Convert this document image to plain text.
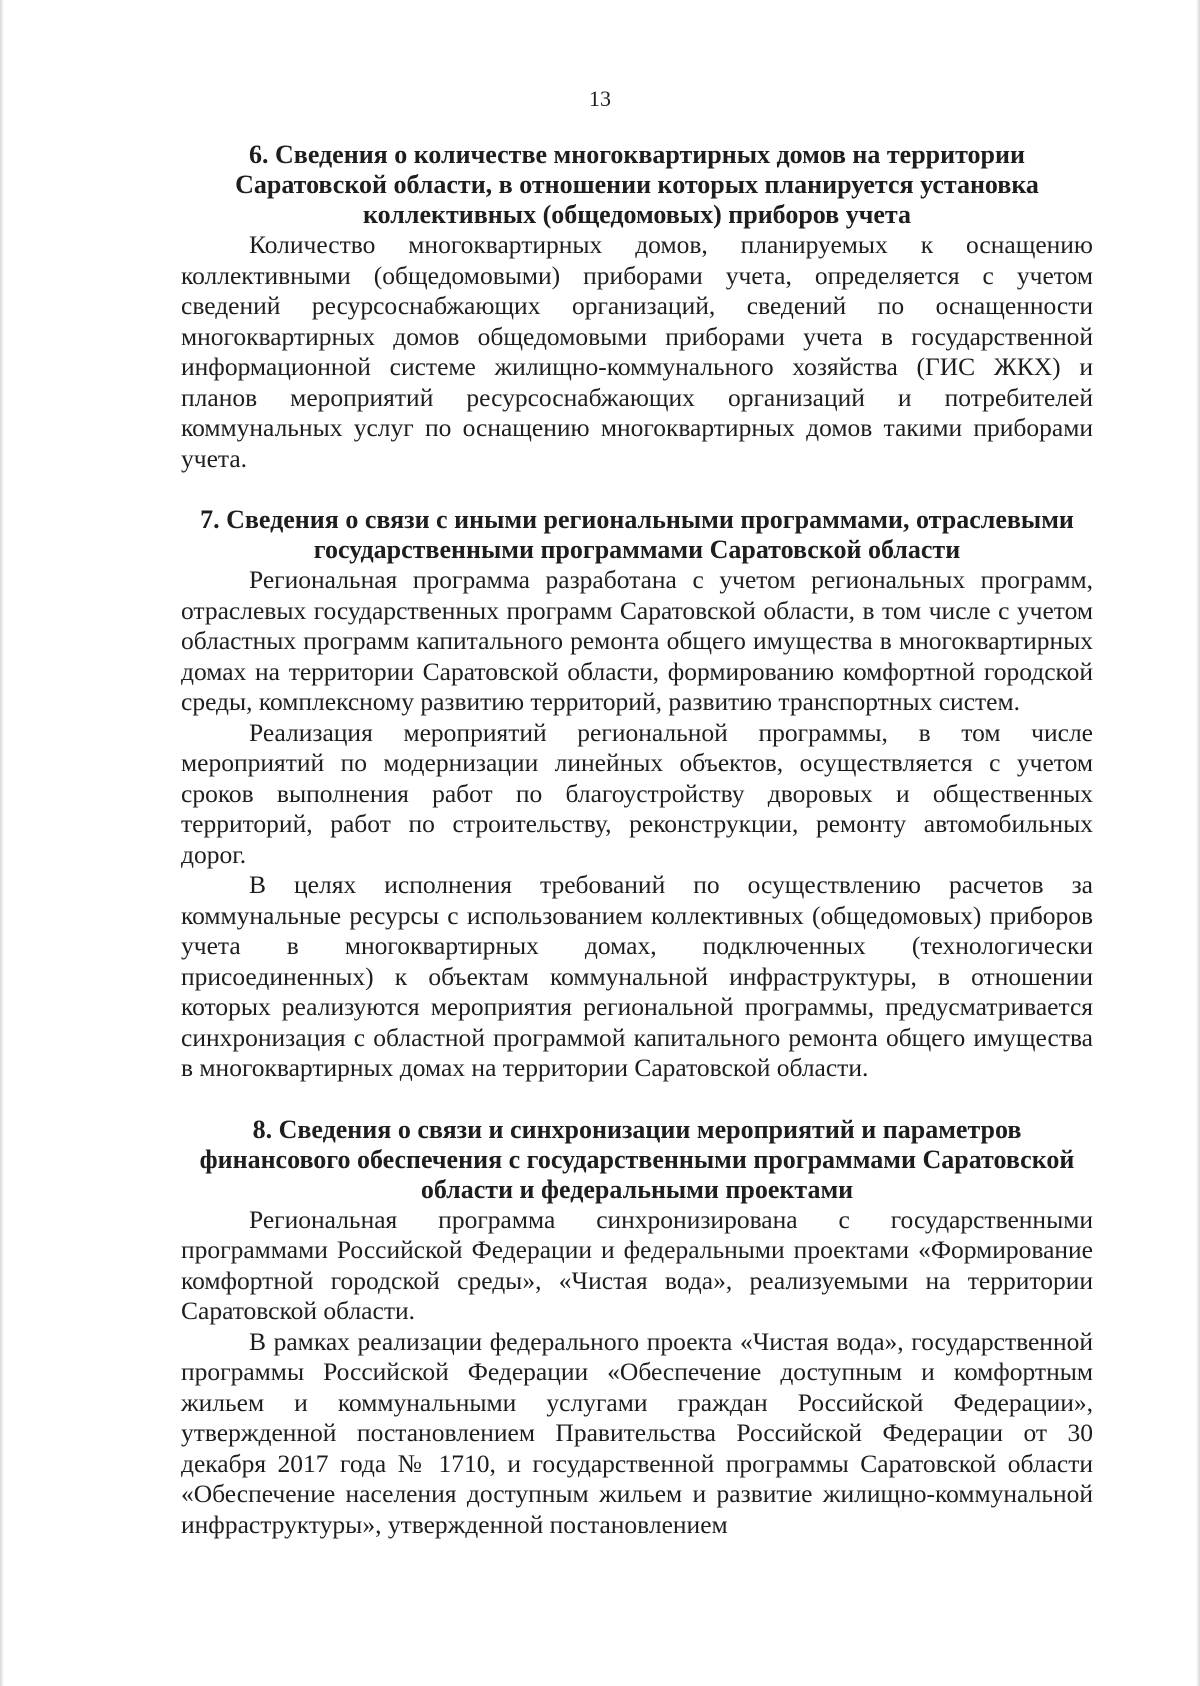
13
6. Сведения о количестве многоквартирных домов на территории Саратовской области, в отношении которых планируется установка коллективных (общедомовых) приборов учета

Количество многоквартирных домов, планируемых к оснащению коллективными (общедомовыми) приборами учета, определяется с учетом сведений ресурсоснабжающих организаций, сведений по оснащенности многоквартирных домов общедомовыми приборами учета в государственной информационной системе жилищно-коммунального хозяйства (ГИС ЖКХ) и планов мероприятий ресурсоснабжающих организаций и потребителей коммунальных услуг по оснащению многоквартирных домов такими приборами учета.

7. Сведения о связи с иными региональными программами, отраслевыми государственными программами Саратовской области

Региональная программа разработана с учетом региональных программ, отраслевых государственных программ Саратовской области, в том числе с учетом областных программ капитального ремонта общего имущества в многоквартирных домах на территории Саратовской области, формированию комфортной городской среды, комплексному развитию территорий, развитию транспортных систем.

Реализация мероприятий региональной программы, в том числе мероприятий по модернизации линейных объектов, осуществляется с учетом сроков выполнения работ по благоустройству дворовых и общественных территорий, работ по строительству, реконструкции, ремонту автомобильных дорог.

В целях исполнения требований по осуществлению расчетов за коммунальные ресурсы с использованием коллективных (общедомовых) приборов учета в многоквартирных домах, подключенных (технологически присоединенных) к объектам коммунальной инфраструктуры, в отношении которых реализуются мероприятия региональной программы, предусматривается синхронизация с областной программой капитального ремонта общего имущества в многоквартирных домах на территории Саратовской области.

8. Сведения о связи и синхронизации мероприятий и параметров финансового обеспечения с государственными программами Саратовской области и федеральными проектами

Региональная программа синхронизирована с государственными программами Российской Федерации и федеральными проектами «Формирование комфортной городской среды», «Чистая вода», реализуемыми на территории Саратовской области.

В рамках реализации федерального проекта «Чистая вода», государственной программы Российской Федерации «Обеспечение доступным и комфортным жильем и коммунальными услугами граждан Российской Федерации», утвержденной постановлением Правительства Российской Федерации от 30 декабря 2017 года № 1710, и государственной программы Саратовской области «Обеспечение населения доступным жильем и развитие жилищно-коммунальной инфраструктуры», утвержденной постановлением
